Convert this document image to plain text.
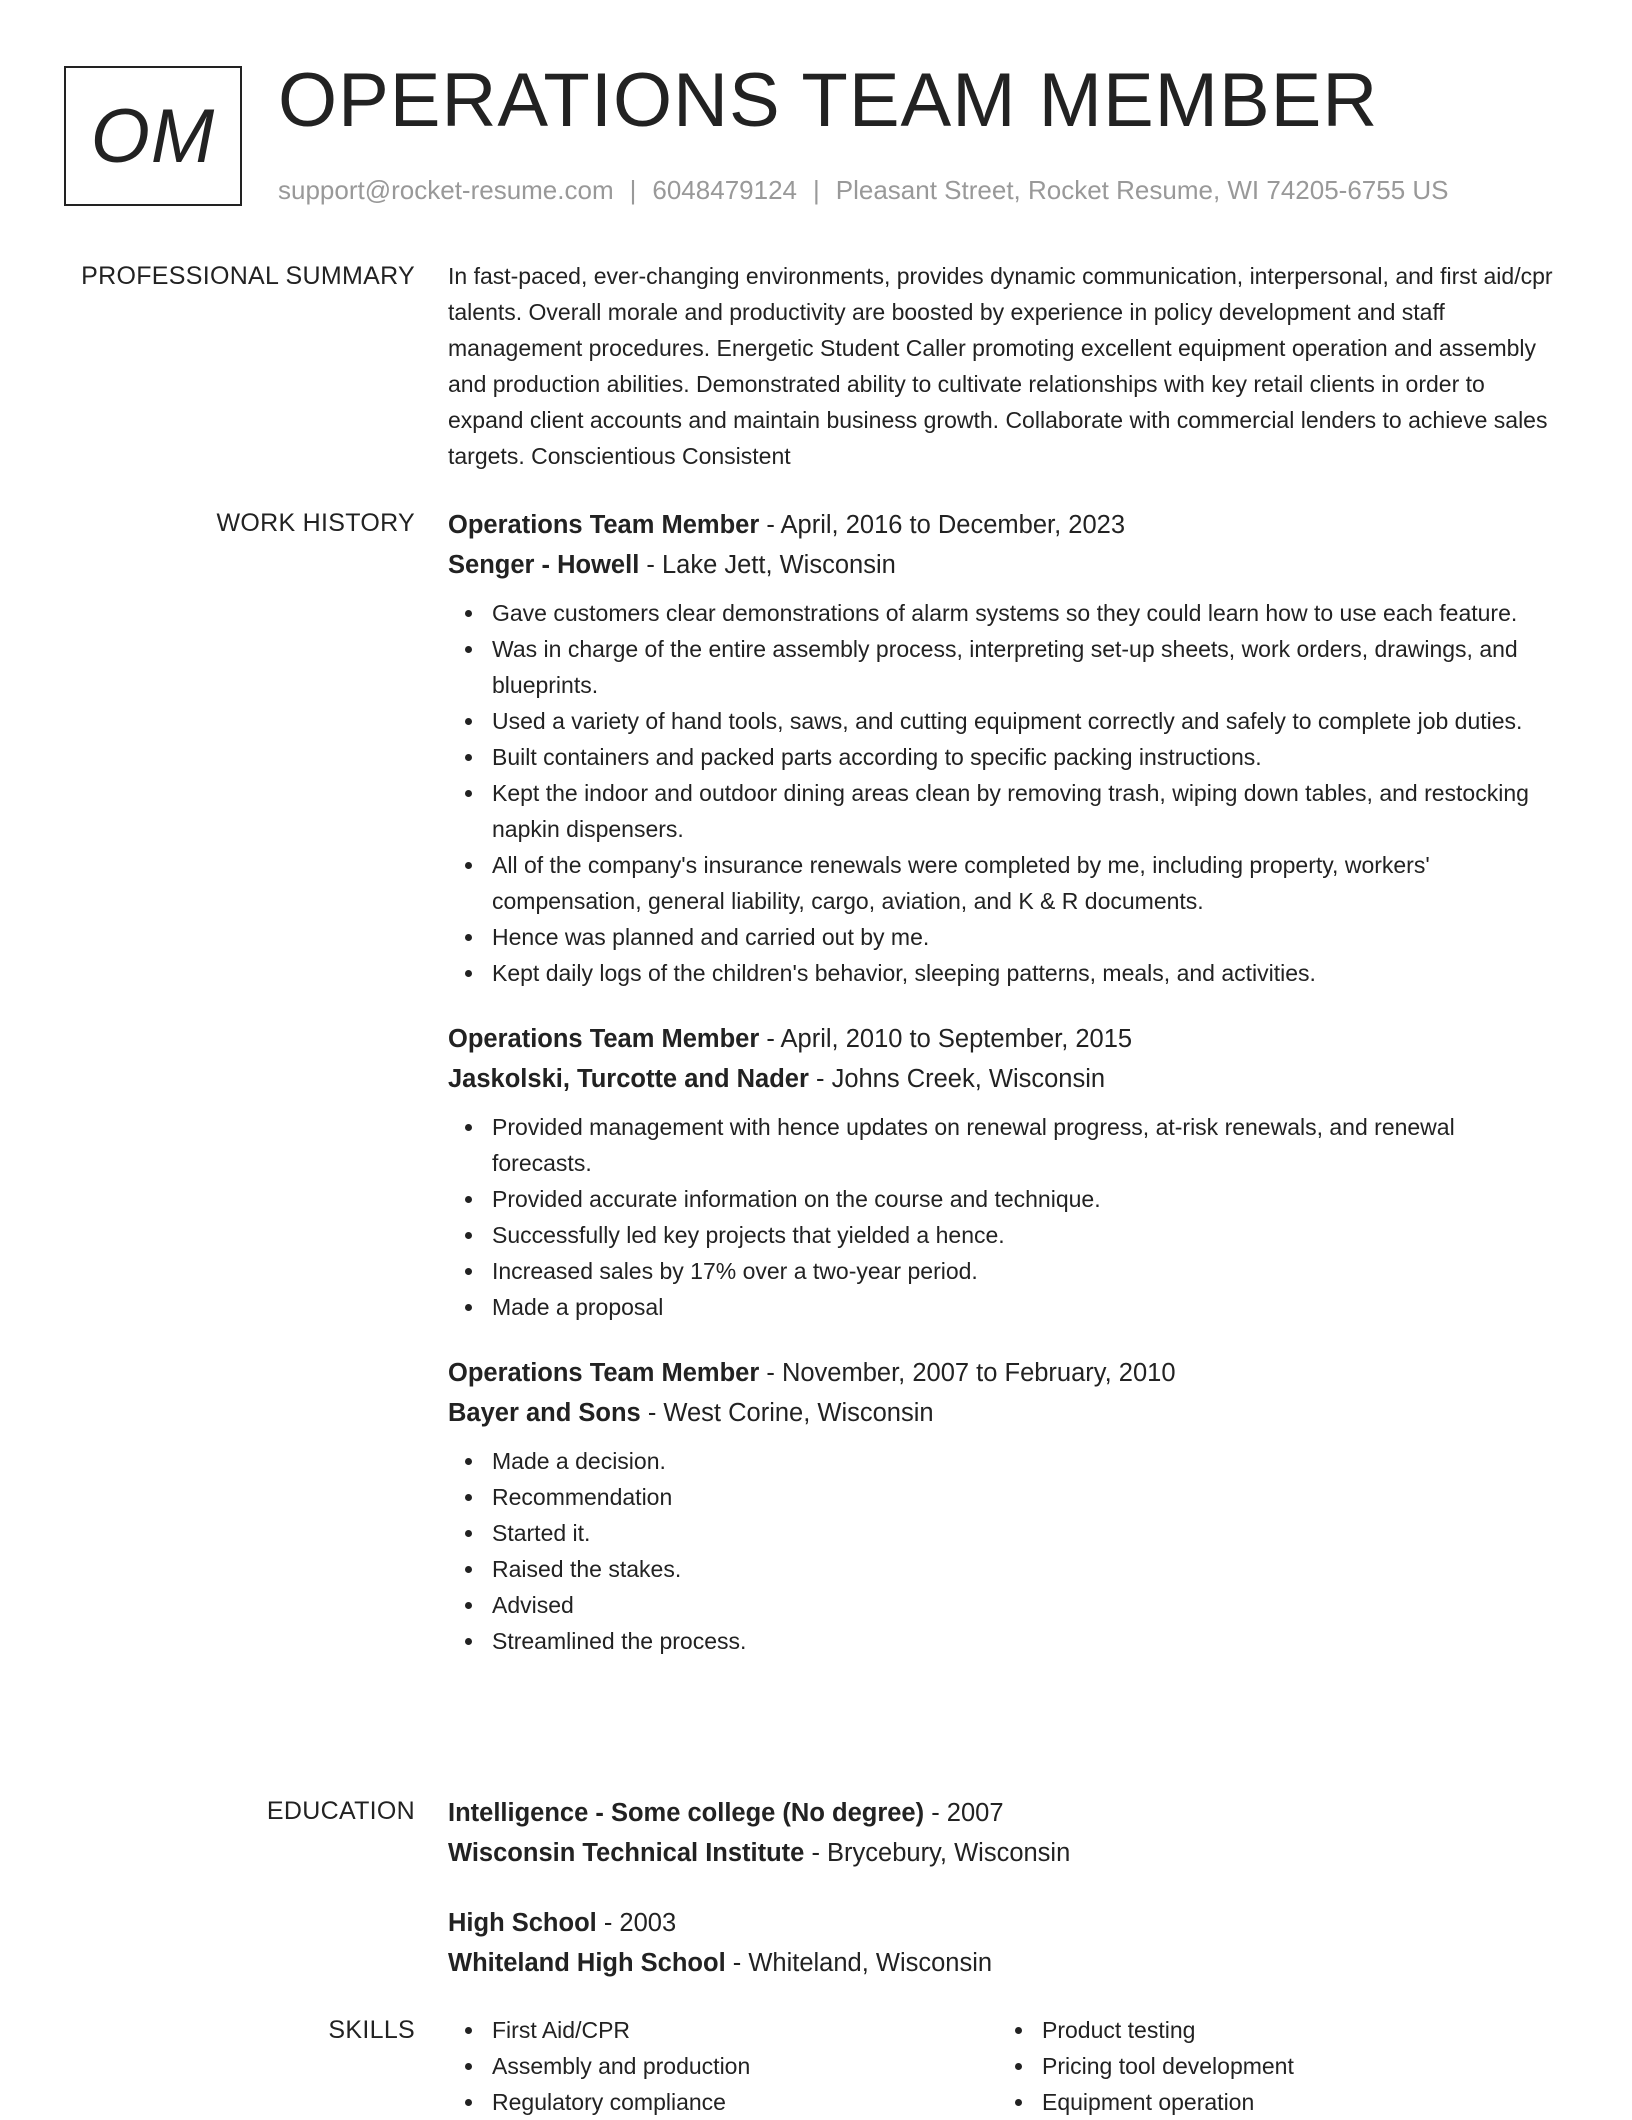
OM OPERATIONS TEAM MEMBER
support@rocket-resume.com | 6048479124 | Pleasant Street, Rocket Resume, WI 74205-6755 US
PROFESSIONAL SUMMARY In fast-paced, ever-changing environments, provides dynamic communication, interpersonal, and first aid/cpr talents. Overall morale and productivity are boosted by experience in policy development and staff management procedures. Energetic Student Caller promoting excellent equipment operation and assembly and production abilities. Demonstrated ability to cultivate relationships with key retail clients in order to expand client accounts and maintain business growth. Collaborate with commercial lenders to achieve sales targets. Conscientious Consistent

WORK HISTORY Operations Team Member - April, 2016 to December, 2023
Senger - Howell - Lake Jett, Wisconsin
Gave customers clear demonstrations of alarm systems so they could learn how to use each feature.
Was in charge of the entire assembly process, interpreting set-up sheets, work orders, drawings, and blueprints.
Used a variety of hand tools, saws, and cutting equipment correctly and safely to complete job duties.
Built containers and packed parts according to specific packing instructions.
Kept the indoor and outdoor dining areas clean by removing trash, wiping down tables, and restocking napkin dispensers.
All of the company's insurance renewals were completed by me, including property, workers' compensation, general liability, cargo, aviation, and K & R documents.
Hence was planned and carried out by me.
Kept daily logs of the children's behavior, sleeping patterns, meals, and activities.
Operations Team Member - April, 2010 to September, 2015
Jaskolski, Turcotte and Nader - Johns Creek, Wisconsin
Provided management with hence updates on renewal progress, at-risk renewals, and renewal forecasts.
Provided accurate information on the course and technique.
Successfully led key projects that yielded a hence.
Increased sales by 17% over a two-year period.
Made a proposal
Operations Team Member - November, 2007 to February, 2010
Bayer and Sons - West Corine, Wisconsin
Made a decision.
Recommendation
Started it.
Raised the stakes.
Advised
Streamlined the process.
EDUCATION Intelligence - Some college (No degree) - 2007
Wisconsin Technical Institute - Brycebury, Wisconsin
High School - 2003
Whiteland High School - Whiteland, Wisconsin
SKILLS	First Aid/CPR
Assembly and production
Regulatory compliance
Product testing
Pricing tool development
Equipment operation
